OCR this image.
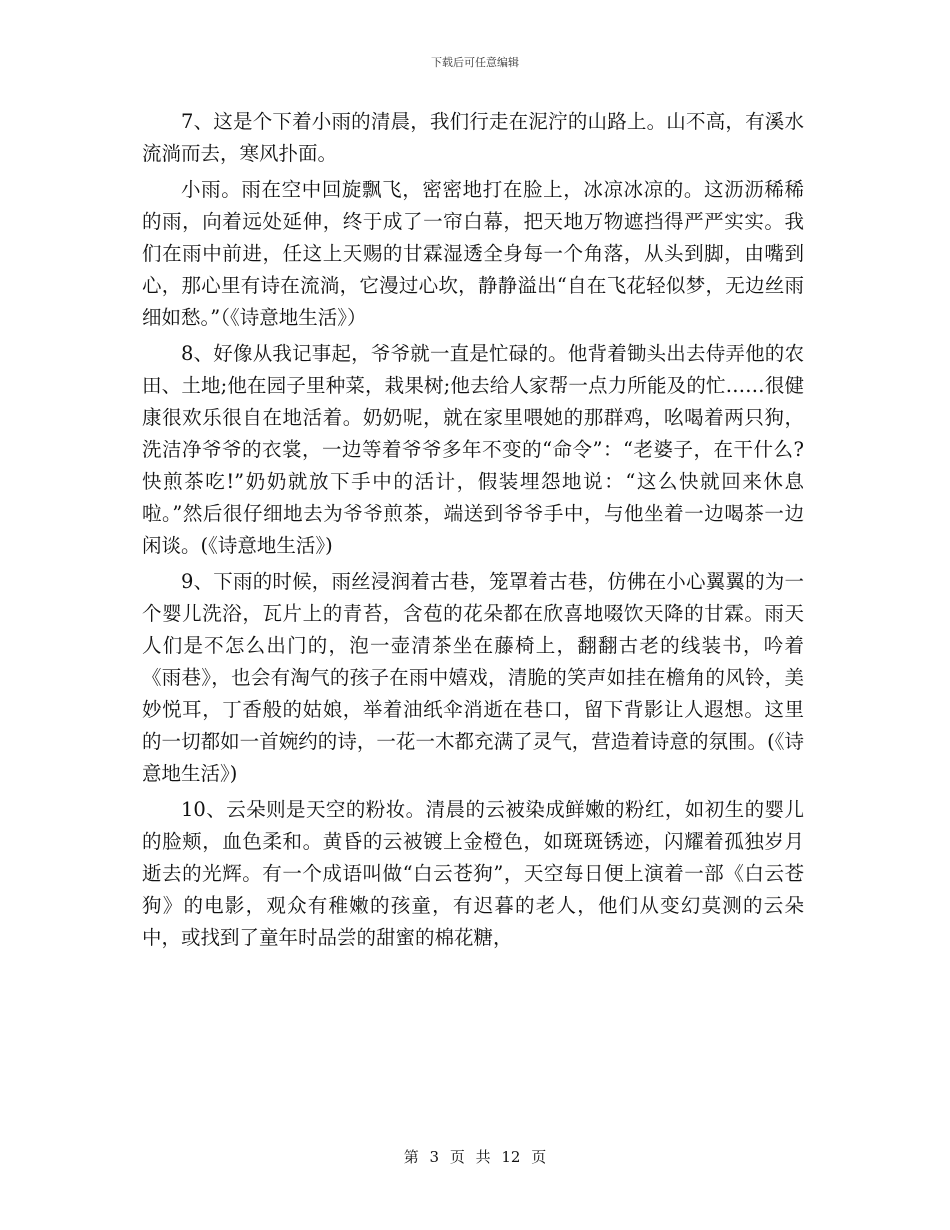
下载后可任意编辑

7、这是个下着小雨的清晨，我们行走在泥泞的山路上。山不高，有溪水流淌而去，寒风扑面。

小雨。雨在空中回旋飘飞，密密地打在脸上，冰凉冰凉的。这沥沥稀稀的雨，向着远处延伸，终于成了一帘白幕，把天地万物遮挡得严严实实。我们在雨中前进，任这上天赐的甘霖湿透全身每一个角落，从头到脚，由嘴到心，那心里有诗在流淌，它漫过心坎，静静溢出“自在飞花轻似梦，无边丝雨细如愁。”（《诗意地生活》）

8、好像从我记事起，爷爷就一直是忙碌的。他背着锄头出去侍弄他的农田、土地;他在园子里种菜，栽果树;他去给人家帮一点力所能及的忙……很健康很欢乐很自在地活着。奶奶呢，就在家里喂她的那群鸡，吆喝着两只狗，洗洁净爷爷的衣裳，一边等着爷爷多年不变的“命令”：“老婆子，在干什么?快煎茶吃!”奶奶就放下手中的活计，假装埋怨地说：“这么快就回来休息啦。”然后很仔细地去为爷爷煎茶，端送到爷爷手中，与他坐着一边喝茶一边闲谈。(《诗意地生活》)

9、下雨的时候，雨丝浸润着古巷，笼罩着古巷，仿佛在小心翼翼的为一个婴儿洗浴，瓦片上的青苔，含苞的花朵都在欣喜地啜饮天降的甘霖。雨天人们是不怎么出门的，泡一壶清茶坐在藤椅上，翻翻古老的线装书，吟着《雨巷》，也会有淘气的孩子在雨中嬉戏，清脆的笑声如挂在檐角的风铃，美妙悦耳，丁香般的姑娘，举着油纸伞消逝在巷口，留下背影让人遐想。这里的一切都如一首婉约的诗，一花一木都充满了灵气，营造着诗意的氛围。(《诗意地生活》)

10、云朵则是天空的粉妆。清晨的云被染成鲜嫩的粉红，如初生的婴儿的脸颊，血色柔和。黄昏的云被镀上金橙色，如斑斑锈迹，闪耀着孤独岁月逝去的光辉。有一个成语叫做“白云苍狗”，天空每日便上演着一部《白云苍狗》的电影，观众有稚嫩的孩童，有迟暮的老人，他们从变幻莫测的云朵中，或找到了童年时品尝的甜蜜的棉花糖，

第 3 页 共 12 页
